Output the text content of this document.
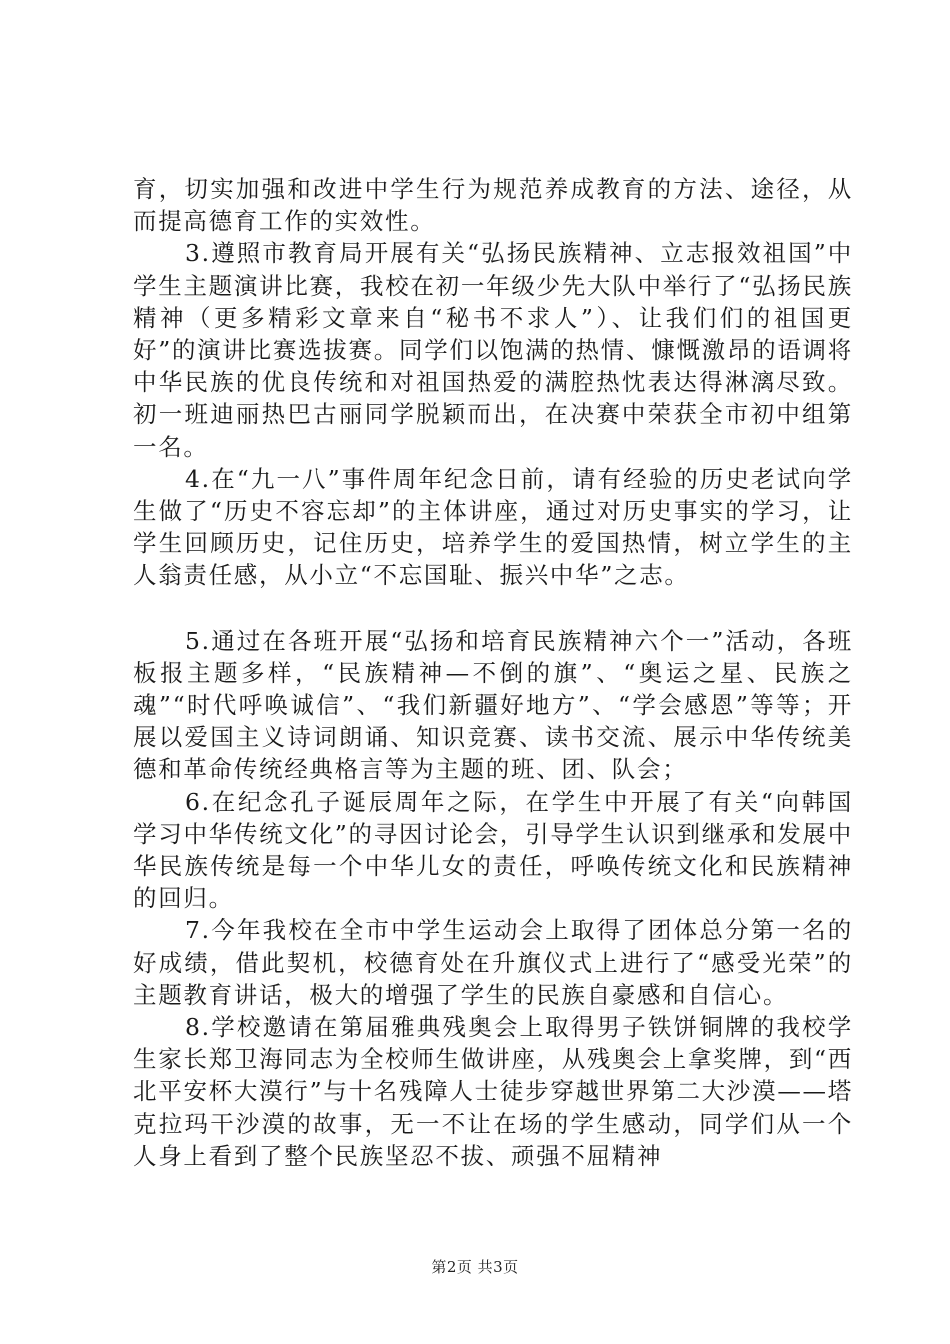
育，切实加强和改进中学生行为规范养成教育的方法、途径，从而提高德育工作的实效性。

3.遵照市教育局开展有关“弘扬民族精神、立志报效祖国”中学生主题演讲比赛，我校在初一年级少先大队中举行了“弘扬民族精神（更多精彩文章来自“秘书不求人”）、让我们们的祖国更好”的演讲比赛选拔赛。同学们以饱满的热情、慷慨激昂的语调将中华民族的优良传统和对祖国热爱的满腔热忱表达得淋漓尽致。初一班迪丽热巴古丽同学脱颖而出，在决赛中荣获全市初中组第一名。

4.在“九一八”事件周年纪念日前，请有经验的历史老试向学生做了“历史不容忘却”的主体讲座，通过对历史事实的学习，让学生回顾历史，记住历史，培养学生的爱国热情，树立学生的主人翁责任感，从小立“不忘国耻、振兴中华”之志。

5.通过在各班开展“弘扬和培育民族精神六个一”活动，各班板报主题多样，“民族精神—不倒的旗”、“奥运之星、民族之魂”“时代呼唤诚信”、“我们新疆好地方”、“学会感恩”等等；开展以爱国主义诗词朗诵、知识竞赛、读书交流、展示中华传统美德和革命传统经典格言等为主题的班、团、队会；

6.在纪念孔子诞辰周年之际，在学生中开展了有关“向韩国学习中华传统文化”的寻因讨论会，引导学生认识到继承和发展中华民族传统是每一个中华儿女的责任，呼唤传统文化和民族精神的回归。

7.今年我校在全市中学生运动会上取得了团体总分第一名的好成绩，借此契机，校德育处在升旗仪式上进行了“感受光荣”的主题教育讲话，极大的增强了学生的民族自豪感和自信心。

8.学校邀请在第届雅典残奥会上取得男子铁饼铜牌的我校学生家长郑卫海同志为全校师生做讲座，从残奥会上拿奖牌，到“西北平安杯大漠行”与十名残障人士徒步穿越世界第二大沙漠——塔克拉玛干沙漠的故事，无一不让在场的学生感动，同学们从一个人身上看到了整个民族坚忍不拔、顽强不屈精神

第2页 共3页
